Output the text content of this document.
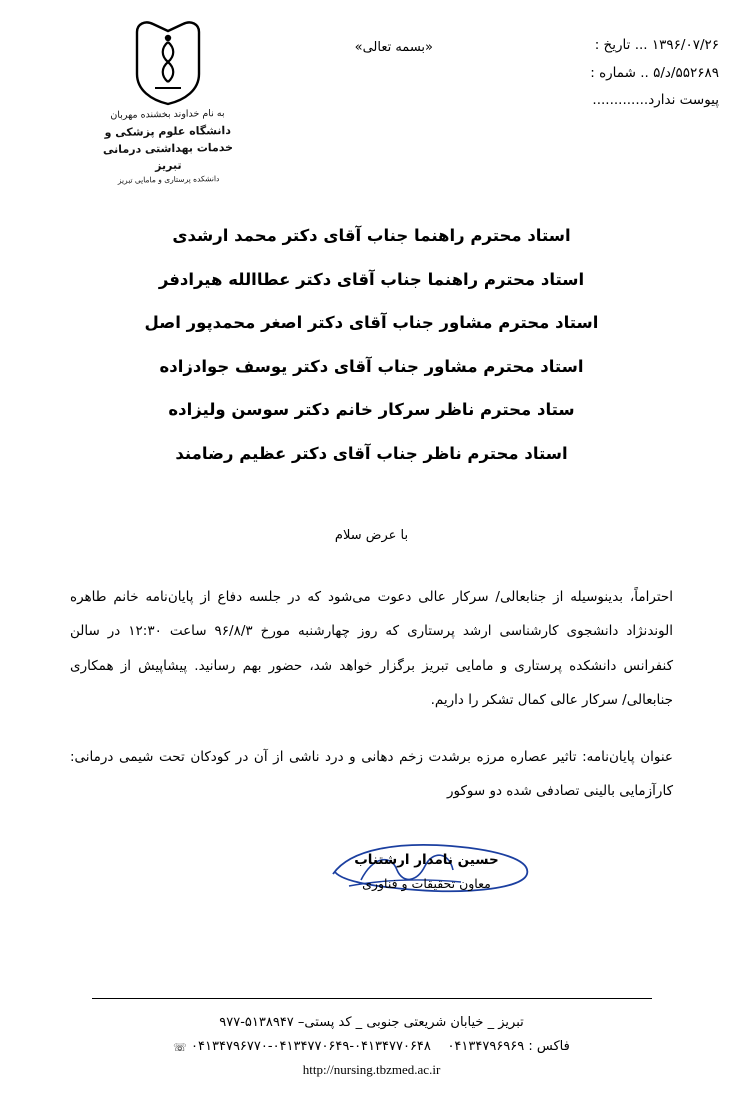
۱۳۹۶/۰۷/۲۶ ... تاریخ :
۵۵۲۶۸۹/د/۵ .. شماره :
پیوست ندارد.............
«بسمه تعالی»
به نام خداوند بخشنده مهربان
دانشگاه علوم پزشکی و خدمات بهداشتی درمانی تبریز
دانشکده پرستاری و مامایی تبریز
استاد محترم راهنما جناب آقای دکتر محمد ارشدی
استاد محترم راهنما جناب آقای دکتر عطاالله هیرادفر
استاد محترم مشاور جناب آقای دکتر اصغر محمدپور اصل
استاد محترم مشاور جناب آقای دکتر یوسف جوادزاده
ستاد محترم ناظر سرکار خانم دکتر سوسن ولیزاده
استاد محترم ناظر جناب آقای دکتر عظیم رضامند
با عرض سلام

احتراماً، بدینوسیله از جنابعالی/ سرکار عالی دعوت می‌شود که در جلسه دفاع از پایان‌نامه خانم طاهره الوندنژاد دانشجوی کارشناسی ارشد پرستاری که روز چهارشنبه مورخ ۹۶/۸/۳ ساعت ۱۲:۳۰ در سالن کنفرانس دانشکده پرستاری و مامایی تبریز برگزار خواهد شد، حضور بهم رسانید. پیشاپیش از همکاری جنابعالی/ سرکار عالی کمال تشکر را داریم.

عنوان پایان‌نامه: تاثیر عصاره مرزه برشدت زخم دهانی و درد ناشی از آن در کودکان تحت شیمی درمانی: کارآزمایی بالینی تصادفی شده دو سوکور

حسین نامدار ارشتناب
معاون تحقیقات و فناوری
تبریز _ خیابان شریعتی جنوبی _ کد پستی– ۵۱۳۸۹۴۷-۹۷۷
فاکس : ۰۴۱۳۴۷۹۶۹۶۹    ۰۴۱۳۴۷۷۰۶۴۸-۰۴۱۳۴۷۷۰۶۴۹-۰۴۱۳۴۷۹۶۷۷۰ ☏
http://nursing.tbzmed.ac.ir
